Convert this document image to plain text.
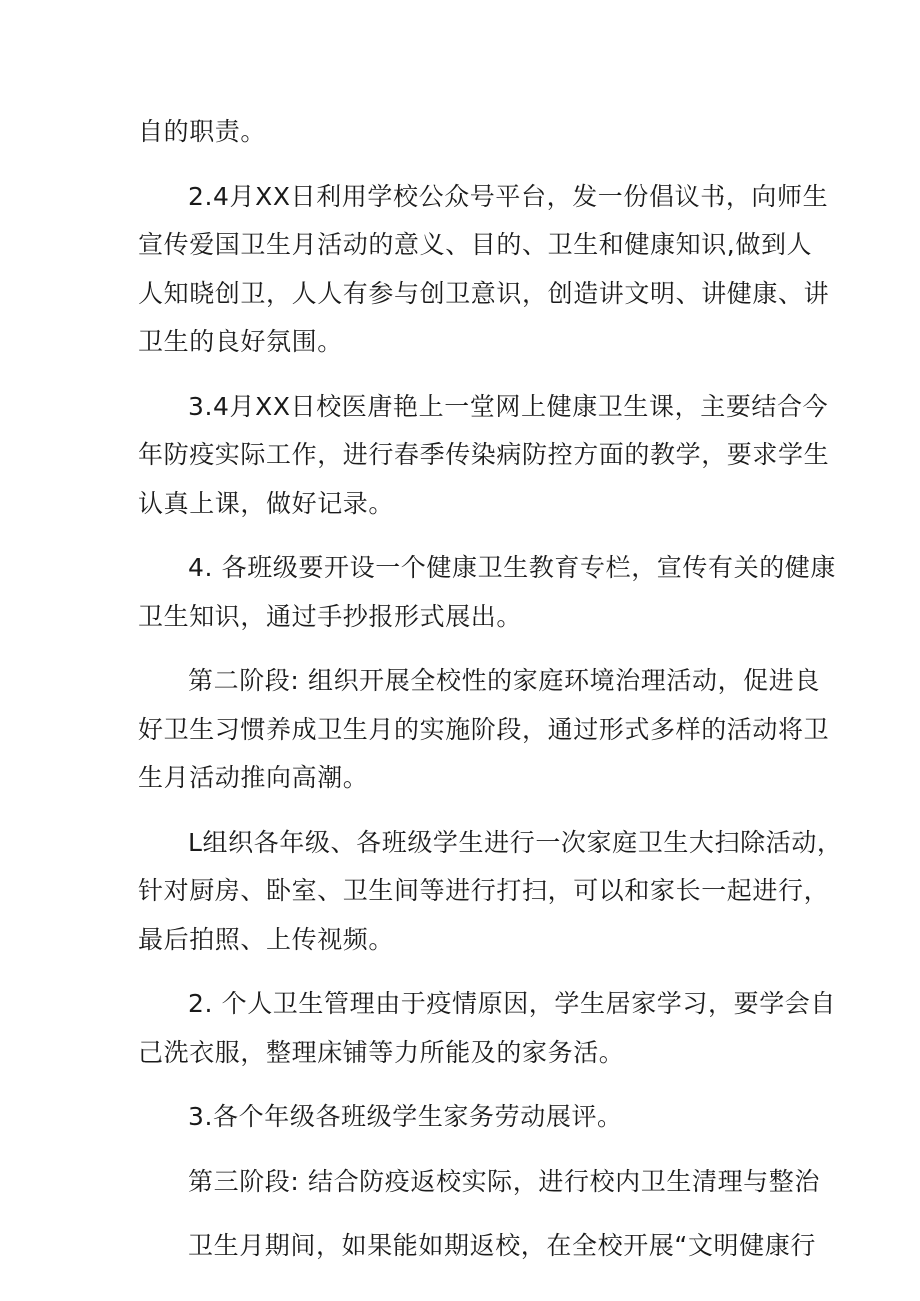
自的职责。
2.4月XX日利用学校公众号平台，发一份倡议书，向师生
宣传爱国卫生月活动的意义、目的、卫生和健康知识,做到人
人知晓创卫，人人有参与创卫意识，创造讲文明、讲健康、讲
卫生的良好氛围。
3.4月XX日校医唐艳上一堂网上健康卫生课，主要结合今
年防疫实际工作，进行春季传染病防控方面的教学，要求学生
认真上课，做好记录。
4. 各班级要开设一个健康卫生教育专栏，宣传有关的健康
卫生知识，通过手抄报形式展出。
第二阶段: 组织开展全校性的家庭环境治理活动，促进良
好卫生习惯养成卫生月的实施阶段，通过形式多样的活动将卫
生月活动推向高潮。
L组织各年级、各班级学生进行一次家庭卫生大扫除活动，
针对厨房、卧室、卫生间等进行打扫，可以和家长一起进行，
最后拍照、上传视频。
2. 个人卫生管理由于疫情原因，学生居家学习，要学会自
己洗衣服，整理床铺等力所能及的家务活。
3.各个年级各班级学生家务劳动展评。
第三阶段: 结合防疫返校实际，进行校内卫生清理与整治
卫生月期间，如果能如期返校，在全校开展“文明健康行
